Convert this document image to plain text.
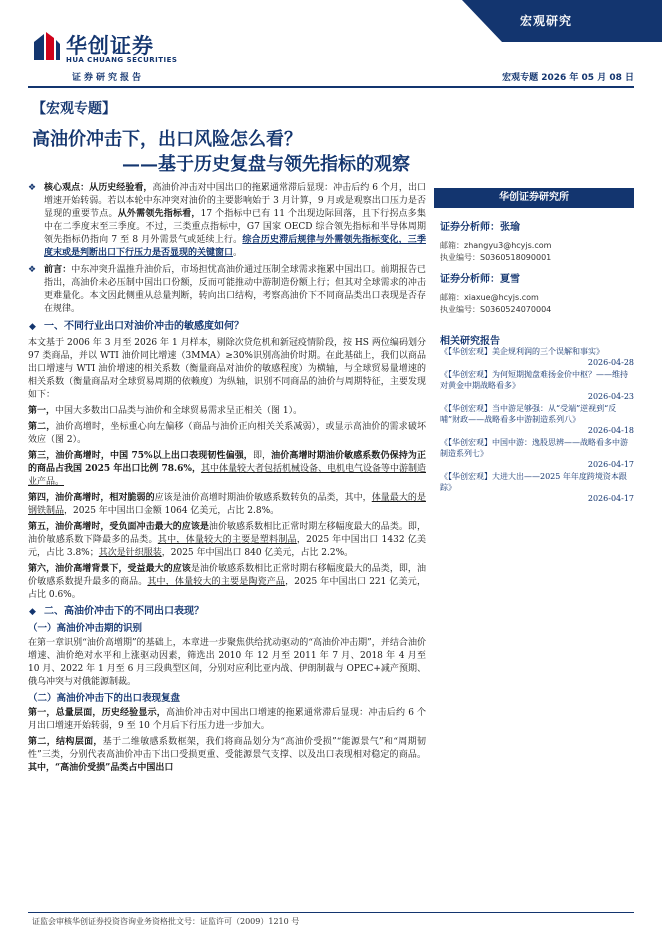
华创证券
HUA CHUANG SECURITIES
证券研究报告
宏观研究
宏观专题 2026 年 05 月 08 日
【宏观专题】
高油价冲击下，出口风险怎么看？
——基于历史复盘与领先指标的观察
❖ 核心观点：从历史经验看，高油价冲击对中国出口的拖累通常滞后显现：冲击后约 6 个月，出口增速开始转弱。若以本轮中东冲突对油价的主要影响始于 3 月计算，9 月或是观察出口压力是否显现的重要节点。从外需领先指标看，17 个指标中已有 11 个出现边际回落，且下行拐点多集中在二季度末至三季度。不过，三类重点指标中，G7 国家 OECD 综合领先指标和半导体周期领先指标仍指向 7 至 8 月外需景气或延续上行。综合历史滞后规律与外需领先指标变化，三季度末或是判断出口下行压力是否显现的关键窗口。
❖ 前言：中东冲突升温推升油价后，市场担忧高油价通过压制全球需求拖累中国出口。前期报告已指出，高油价未必压制中国出口份额，反而可能推动中游制造份额上行；但其对全球需求的冲击更难量化。本文因此侧重从总量判断，转向出口结构，考察高油价下不同商品类出口表现是否存在规律。
◆ 一、不同行业出口对油价冲击的敏感度如何？
本文基于 2006 年 3 月至 2026 年 1 月样本，剔除次贷危机和新冠疫情阶段，按 HS 两位编码划分 97 类商品，并以 WTI 油价同比增速（3MMA）≥30%识别高油价时期。在此基础上，我们以商品出口增速与 WTI 油价增速的相关系数（衡量商品对油价的敏感程度）为横轴，与全球贸易量增速的相关系数（衡量商品对全球贸易周期的依赖度）为纵轴，识别不同商品的油价与周期特征，主要发现如下：
第一，中国大多数出口品类与油价和全球贸易需求呈正相关（图 1）。
第二，油价高增时，坐标重心向左偏移（商品与油价正向相关关系减弱），或显示高油价的需求破坏效应（图 2）。
第三，油价高增时，中国 75%以上出口表现韧性偏强，即，油价高增时期油价敏感系数仍保持为正的商品占我国 2025 年出口比例 78.6%，其中体量较大者包括机械设备、电机电气设备等中游制造业产品。
第四，油价高增时，相对脆弱的应该是油价高增时期油价敏感系数转负的品类，其中，体量最大的是钢铁制品，2025 年中国出口金额 1064 亿美元，占比 2.8%。
第五，油价高增时，受负面冲击最大的应该是油价敏感系数相比正常时期左移幅度最大的品类。即，油价敏感系数下降最多的品类。其中，体量较大的主要是塑料制品，2025 年中国出口 1432 亿美元，占比 3.8%；其次是针织服装，2025 年中国出口 840 亿美元，占比 2.2%。
第六，油价高增背景下，受益最大的应该是油价敏感系数相比正常时期右移幅度最大的品类，即，油价敏感系数提升最多的商品。其中，体量较大的主要是陶瓷产品，2025 年中国出口 221 亿美元，占比 0.6%。
◆ 二、高油价冲击下的不同出口表现？
（一）高油价冲击期的识别
在第一章识别“油价高增期”的基础上，本章进一步聚焦供给扰动驱动的“高油价冲击期”，并结合油价增速、油价绝对水平和上涨驱动因素，筛选出 2010 年 12 月至 2011 年 7 月、2018 年 4 月至 10 月、2022 年 1 月至 6 月三段典型区间，分别对应利比亚内战、伊朗制裁与 OPEC+减产预期、俄乌冲突与对俄能源制裁。
（二）高油价冲击下的出口表现复盘
第一，总量层面，历史经验显示，高油价冲击对中国出口增速的拖累通常滞后显现：冲击后约 6 个月出口增速开始转弱，9 至 10 个月后下行压力进一步加大。
第二，结构层面，基于二维敏感系数框架，我们将商品划分为“高油价受损”“能源景气”和“周期韧性”三类，分别代表高油价冲击下出口受损更重、受能源景气支撑、以及出口表现相对稳定的商品。其中，“高油价受损”品类占中国出口
华创证券研究所
证券分析师：张瑜
邮箱：zhangyu3@hcyjs.com
执业编号：S0360518090001
证券分析师：夏雪
邮箱：xiaxue@hcyjs.com
执业编号：S0360524070004
相关研究报告
《【华创宏观】美企规利润的三个误解和事实》
2026-04-28
《【华创宏观】为何短期抛盘难扬金价中枢？——维持对黄金中期战略看多》
2026-04-23
《【华创宏观】当中游足够强：从“受端”逆视到“反哺”财政——战略看多中游制造系列八》
2026-04-18
《【华创宏观】中国中游：逸股思辨——战略看多中游制造系列七》
2026-04-17
《【华创宏观】大进大出——2025 年年度跨境资本跟踪》
2026-04-17
证监会审核华创证券投资咨询业务资格批文号：证监许可（2009）1210 号
